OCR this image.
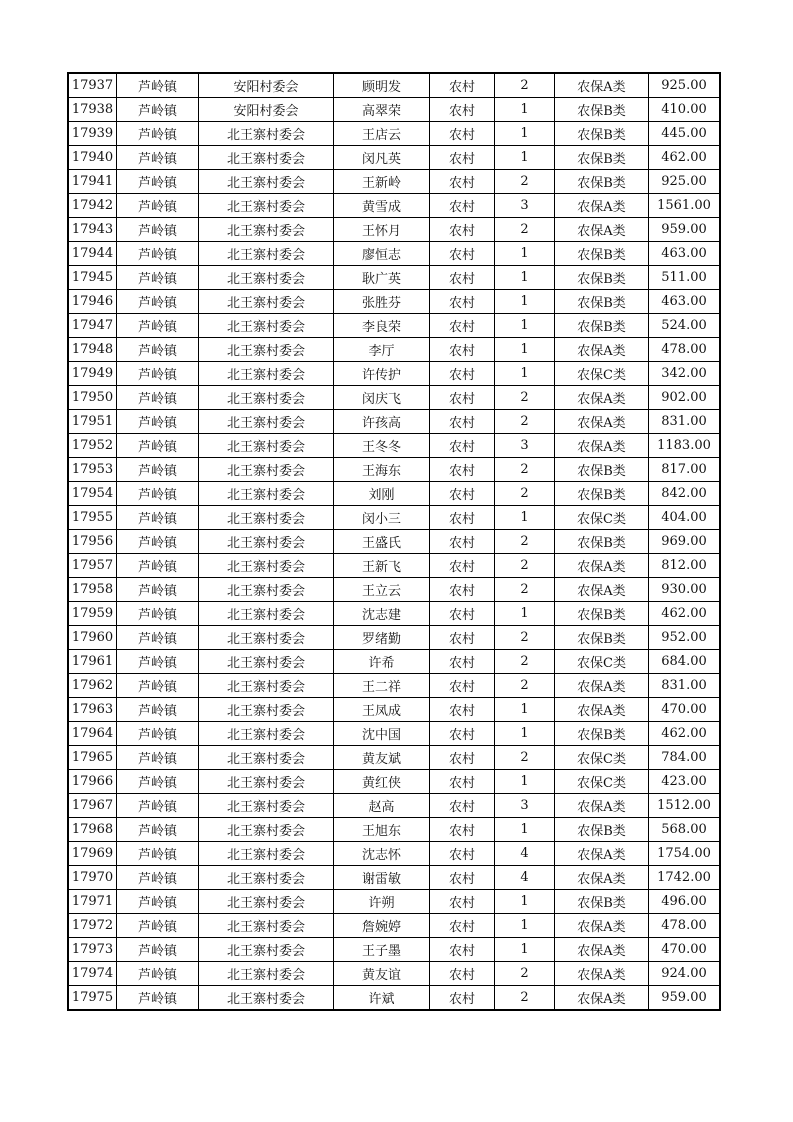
17937	芦岭镇	安阳村委会	顾明发	农村	2	农保A类	925.00
17938	芦岭镇	安阳村委会	高翠荣	农村	1	农保B类	410.00
17939	芦岭镇	北王寨村委会	王店云	农村	1	农保B类	445.00
17940	芦岭镇	北王寨村委会	闵凡英	农村	1	农保B类	462.00
17941	芦岭镇	北王寨村委会	王新岭	农村	2	农保B类	925.00
17942	芦岭镇	北王寨村委会	黄雪成	农村	3	农保A类	1561.00
17943	芦岭镇	北王寨村委会	王怀月	农村	2	农保A类	959.00
17944	芦岭镇	北王寨村委会	廖恒志	农村	1	农保B类	463.00
17945	芦岭镇	北王寨村委会	耿广英	农村	1	农保B类	511.00
17946	芦岭镇	北王寨村委会	张胜芬	农村	1	农保B类	463.00
17947	芦岭镇	北王寨村委会	李良荣	农村	1	农保B类	524.00
17948	芦岭镇	北王寨村委会	李厅	农村	1	农保A类	478.00
17949	芦岭镇	北王寨村委会	许传护	农村	1	农保C类	342.00
17950	芦岭镇	北王寨村委会	闵庆飞	农村	2	农保A类	902.00
17951	芦岭镇	北王寨村委会	许孩高	农村	2	农保A类	831.00
17952	芦岭镇	北王寨村委会	王冬冬	农村	3	农保A类	1183.00
17953	芦岭镇	北王寨村委会	王海东	农村	2	农保B类	817.00
17954	芦岭镇	北王寨村委会	刘刚	农村	2	农保B类	842.00
17955	芦岭镇	北王寨村委会	闵小三	农村	1	农保C类	404.00
17956	芦岭镇	北王寨村委会	王盛氏	农村	2	农保B类	969.00
17957	芦岭镇	北王寨村委会	王新飞	农村	2	农保A类	812.00
17958	芦岭镇	北王寨村委会	王立云	农村	2	农保A类	930.00
17959	芦岭镇	北王寨村委会	沈志建	农村	1	农保B类	462.00
17960	芦岭镇	北王寨村委会	罗绪勤	农村	2	农保B类	952.00
17961	芦岭镇	北王寨村委会	许希	农村	2	农保C类	684.00
17962	芦岭镇	北王寨村委会	王二祥	农村	2	农保A类	831.00
17963	芦岭镇	北王寨村委会	王凤成	农村	1	农保A类	470.00
17964	芦岭镇	北王寨村委会	沈中国	农村	1	农保B类	462.00
17965	芦岭镇	北王寨村委会	黄友斌	农村	2	农保C类	784.00
17966	芦岭镇	北王寨村委会	黄红侠	农村	1	农保C类	423.00
17967	芦岭镇	北王寨村委会	赵高	农村	3	农保A类	1512.00
17968	芦岭镇	北王寨村委会	王旭东	农村	1	农保B类	568.00
17969	芦岭镇	北王寨村委会	沈志怀	农村	4	农保A类	1754.00
17970	芦岭镇	北王寨村委会	谢雷敏	农村	4	农保A类	1742.00
17971	芦岭镇	北王寨村委会	许朔	农村	1	农保B类	496.00
17972	芦岭镇	北王寨村委会	詹婉婷	农村	1	农保A类	478.00
17973	芦岭镇	北王寨村委会	王子墨	农村	1	农保A类	470.00
17974	芦岭镇	北王寨村委会	黄友谊	农村	2	农保A类	924.00
17975	芦岭镇	北王寨村委会	许斌	农村	2	农保A类	959.00
